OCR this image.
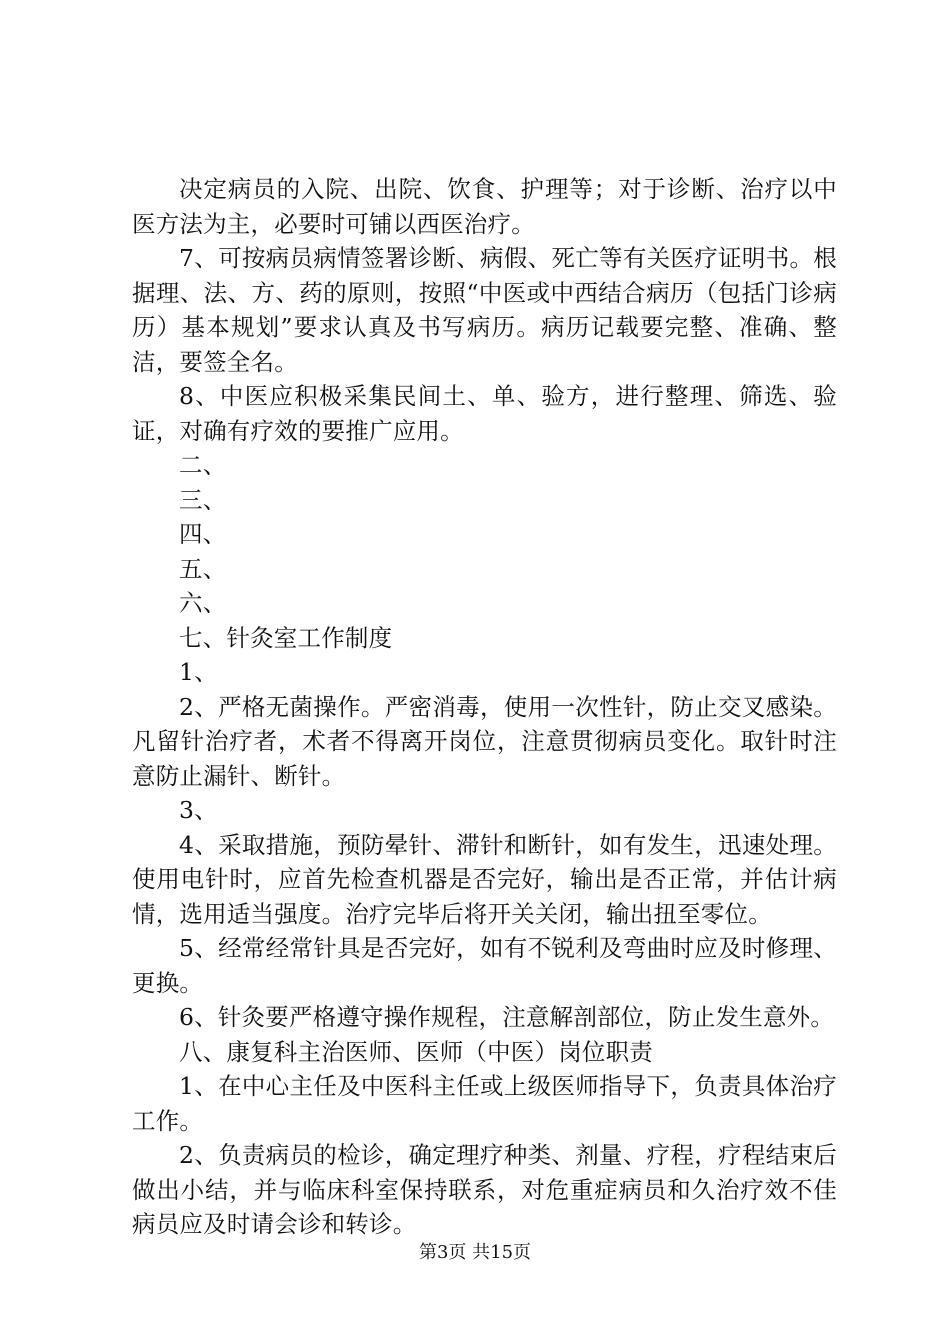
决定病员的入院、出院、饮食、护理等；对于诊断、治疗以中医方法为主，必要时可铺以西医治疗。

7、可按病员病情签署诊断、病假、死亡等有关医疗证明书。根据理、法、方、药的原则，按照“中医或中西结合病历（包括门诊病历）基本规划”要求认真及书写病历。病历记载要完整、准确、整洁，要签全名。

8、中医应积极采集民间土、单、验方，进行整理、筛选、验证，对确有疗效的要推广应用。

二、

三、

四、

五、

六、

七、针灸室工作制度

1、

2、严格无菌操作。严密消毒，使用一次性针，防止交叉感染。凡留针治疗者，术者不得离开岗位，注意贯彻病员变化。取针时注意防止漏针、断针。

3、

4、采取措施，预防晕针、滞针和断针，如有发生，迅速处理。使用电针时，应首先检查机器是否完好，输出是否正常，并估计病情，选用适当强度。治疗完毕后将开关关闭，输出扭至零位。

5、经常经常针具是否完好，如有不锐利及弯曲时应及时修理、更换。

6、针灸要严格遵守操作规程，注意解剖部位，防止发生意外。

八、康复科主治医师、医师（中医）岗位职责

1、在中心主任及中医科主任或上级医师指导下，负责具体治疗工作。

2、负责病员的检诊，确定理疗种类、剂量、疗程，疗程结束后做出小结，并与临床科室保持联系，对危重症病员和久治疗效不佳病员应及时请会诊和转诊。

第3页 共15页
